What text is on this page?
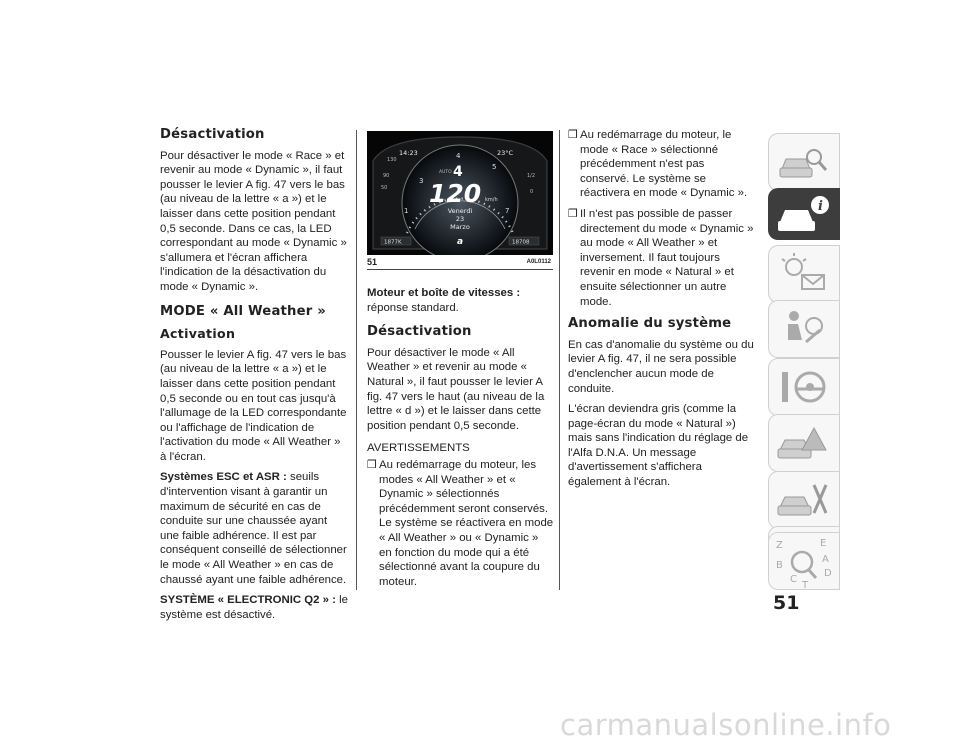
Désactivation

Pour désactiver le mode « Race » et revenir au mode « Dynamic », il faut pousser le levier A fig. 47 vers le bas (au niveau de la lettre « a ») et le laisser dans cette position pendant 0,5 seconde. Dans ce cas, la LED correspondant au mode « Dynamic » s'allumera et l'écran affichera l'indication de la désactivation du mode « Dynamic ».

MODE « All Weather »
Activation

Pousser le levier A fig. 47 vers le bas (au niveau de la lettre « a ») et le laisser dans cette position pendant 0,5 seconde ou en tout cas jusqu'à l'allumage de la LED correspondante ou l'affichage de l'indication de l'activation du mode « All Weather » à l'écran.

Systèmes ESC et ASR : seuils d'intervention visant à garantir un maximum de sécurité en cas de conduite sur une chaussée ayant une faible adhérence. Il est par conséquent conseillé de sélectionner le mode « All Weather » en cas de chaussé ayant une faible adhérence.

SYSTÈME « ELECTRONIC Q2 » : le système est désactivé.

3
4
5
1	7
130
90
50
1/2
0
14:23	23°C
AUTO 4
120 km/h
Venerdì
23
Marzo
a
1877K	18708
51	A0L0112

Moteur et boîte de vitesses :
réponse standard.

Désactivation

Pour désactiver le mode « All Weather » et revenir au mode « Natural », il faut pousser le levier A fig. 47 vers le haut (au niveau de la lettre « d ») et le laisser dans cette position pendant 0,5 seconde.

AVERTISSEMENTS

❒ Au redémarrage du moteur, les modes « All Weather » et « Dynamic » sélectionnés précédemment seront conservés. Le système se réactivera en mode « All Weather » ou « Dynamic » en fonction du mode qui a été sélectionné avant la coupure du moteur.
❒ Au redémarrage du moteur, le mode « Race » sélectionné précédemment n'est pas conservé. Le système se réactivera en mode « Dynamic ».
❒ Il n'est pas possible de passer directement du mode « Dynamic » au mode « All Weather » et inversement. Il faut toujours revenir en mode « Natural » et ensuite sélectionner un autre mode.
Anomalie du système

En cas d'anomalie du système ou du levier A fig. 47, il ne sera possible d'enclencher aucun mode de conduite.

L'écran deviendra gris (comme la page-écran du mode « Natural ») mais sans l'indication du réglage de l'Alfa D.N.A. Un message d'avertissement s'affichera également à l'écran.

i
Z	E
A
B
C
T
D
51
carmanualsonline.info
